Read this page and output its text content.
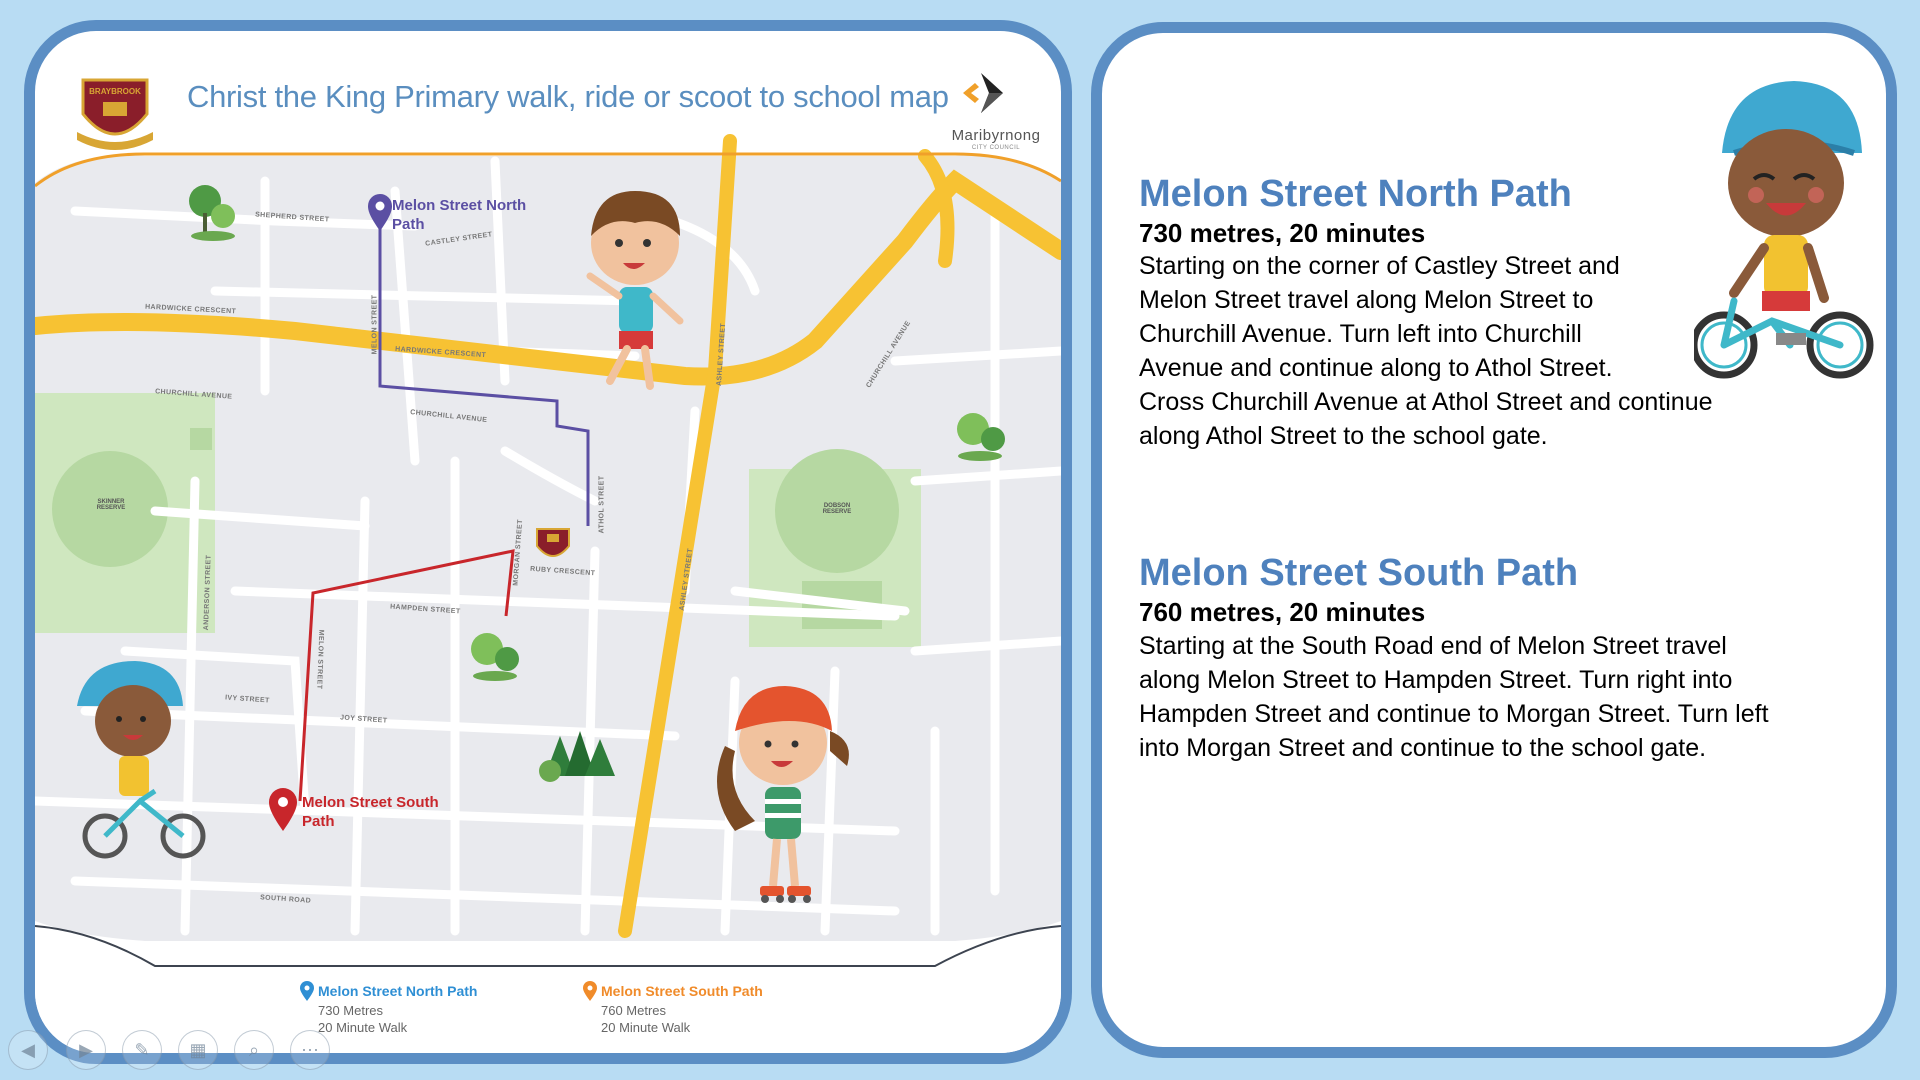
BRAYBROOK Christ the King Primary walk, ride or scoot to school map
Maribyrnong
CITY COUNCIL
SHEPHERD STREET
CASTLEY STREET
HARDWICKE CRESCENT
HARDWICKE CRESCENT
MELON STREET
CHURCHILL AVENUE
CHURCHILL AVENUE
CHURCHILL AVENUE
ASHLEY STREET
ATHOL STREET
RUBY CRESCENT
MORGAN STREET
HAMPDEN STREET
MELON STREET
IVY STREET
JOY STREET
SOUTH ROAD
ASHLEY STREET
ANDERSON STREET
SKINNER RESERVE	DOBSON RESERVE
Melon Street North Path
Melon Street South Path
Melon Street North Path
730 Metres
20 Minute Walk
Melon Street South Path
760 Metres
20 Minute Walk
Melon Street North Path
730 metres, 20 minutes
Starting on the corner of Castley Street and
Melon Street travel along Melon Street to
Churchill Avenue. Turn left into Churchill
Avenue and continue along to Athol Street.
Cross Churchill Avenue at Athol Street and continue
along Athol Street to the school gate.
Melon Street South Path
760 metres, 20 minutes
Starting at the South Road end of Melon Street travel
along Melon Street to Hampden Street. Turn right into
Hampden Street and continue to Morgan Street. Turn left
into Morgan Street and continue to the school gate.
◀ ▶ ✎ ▦ ⌕ ⋯
